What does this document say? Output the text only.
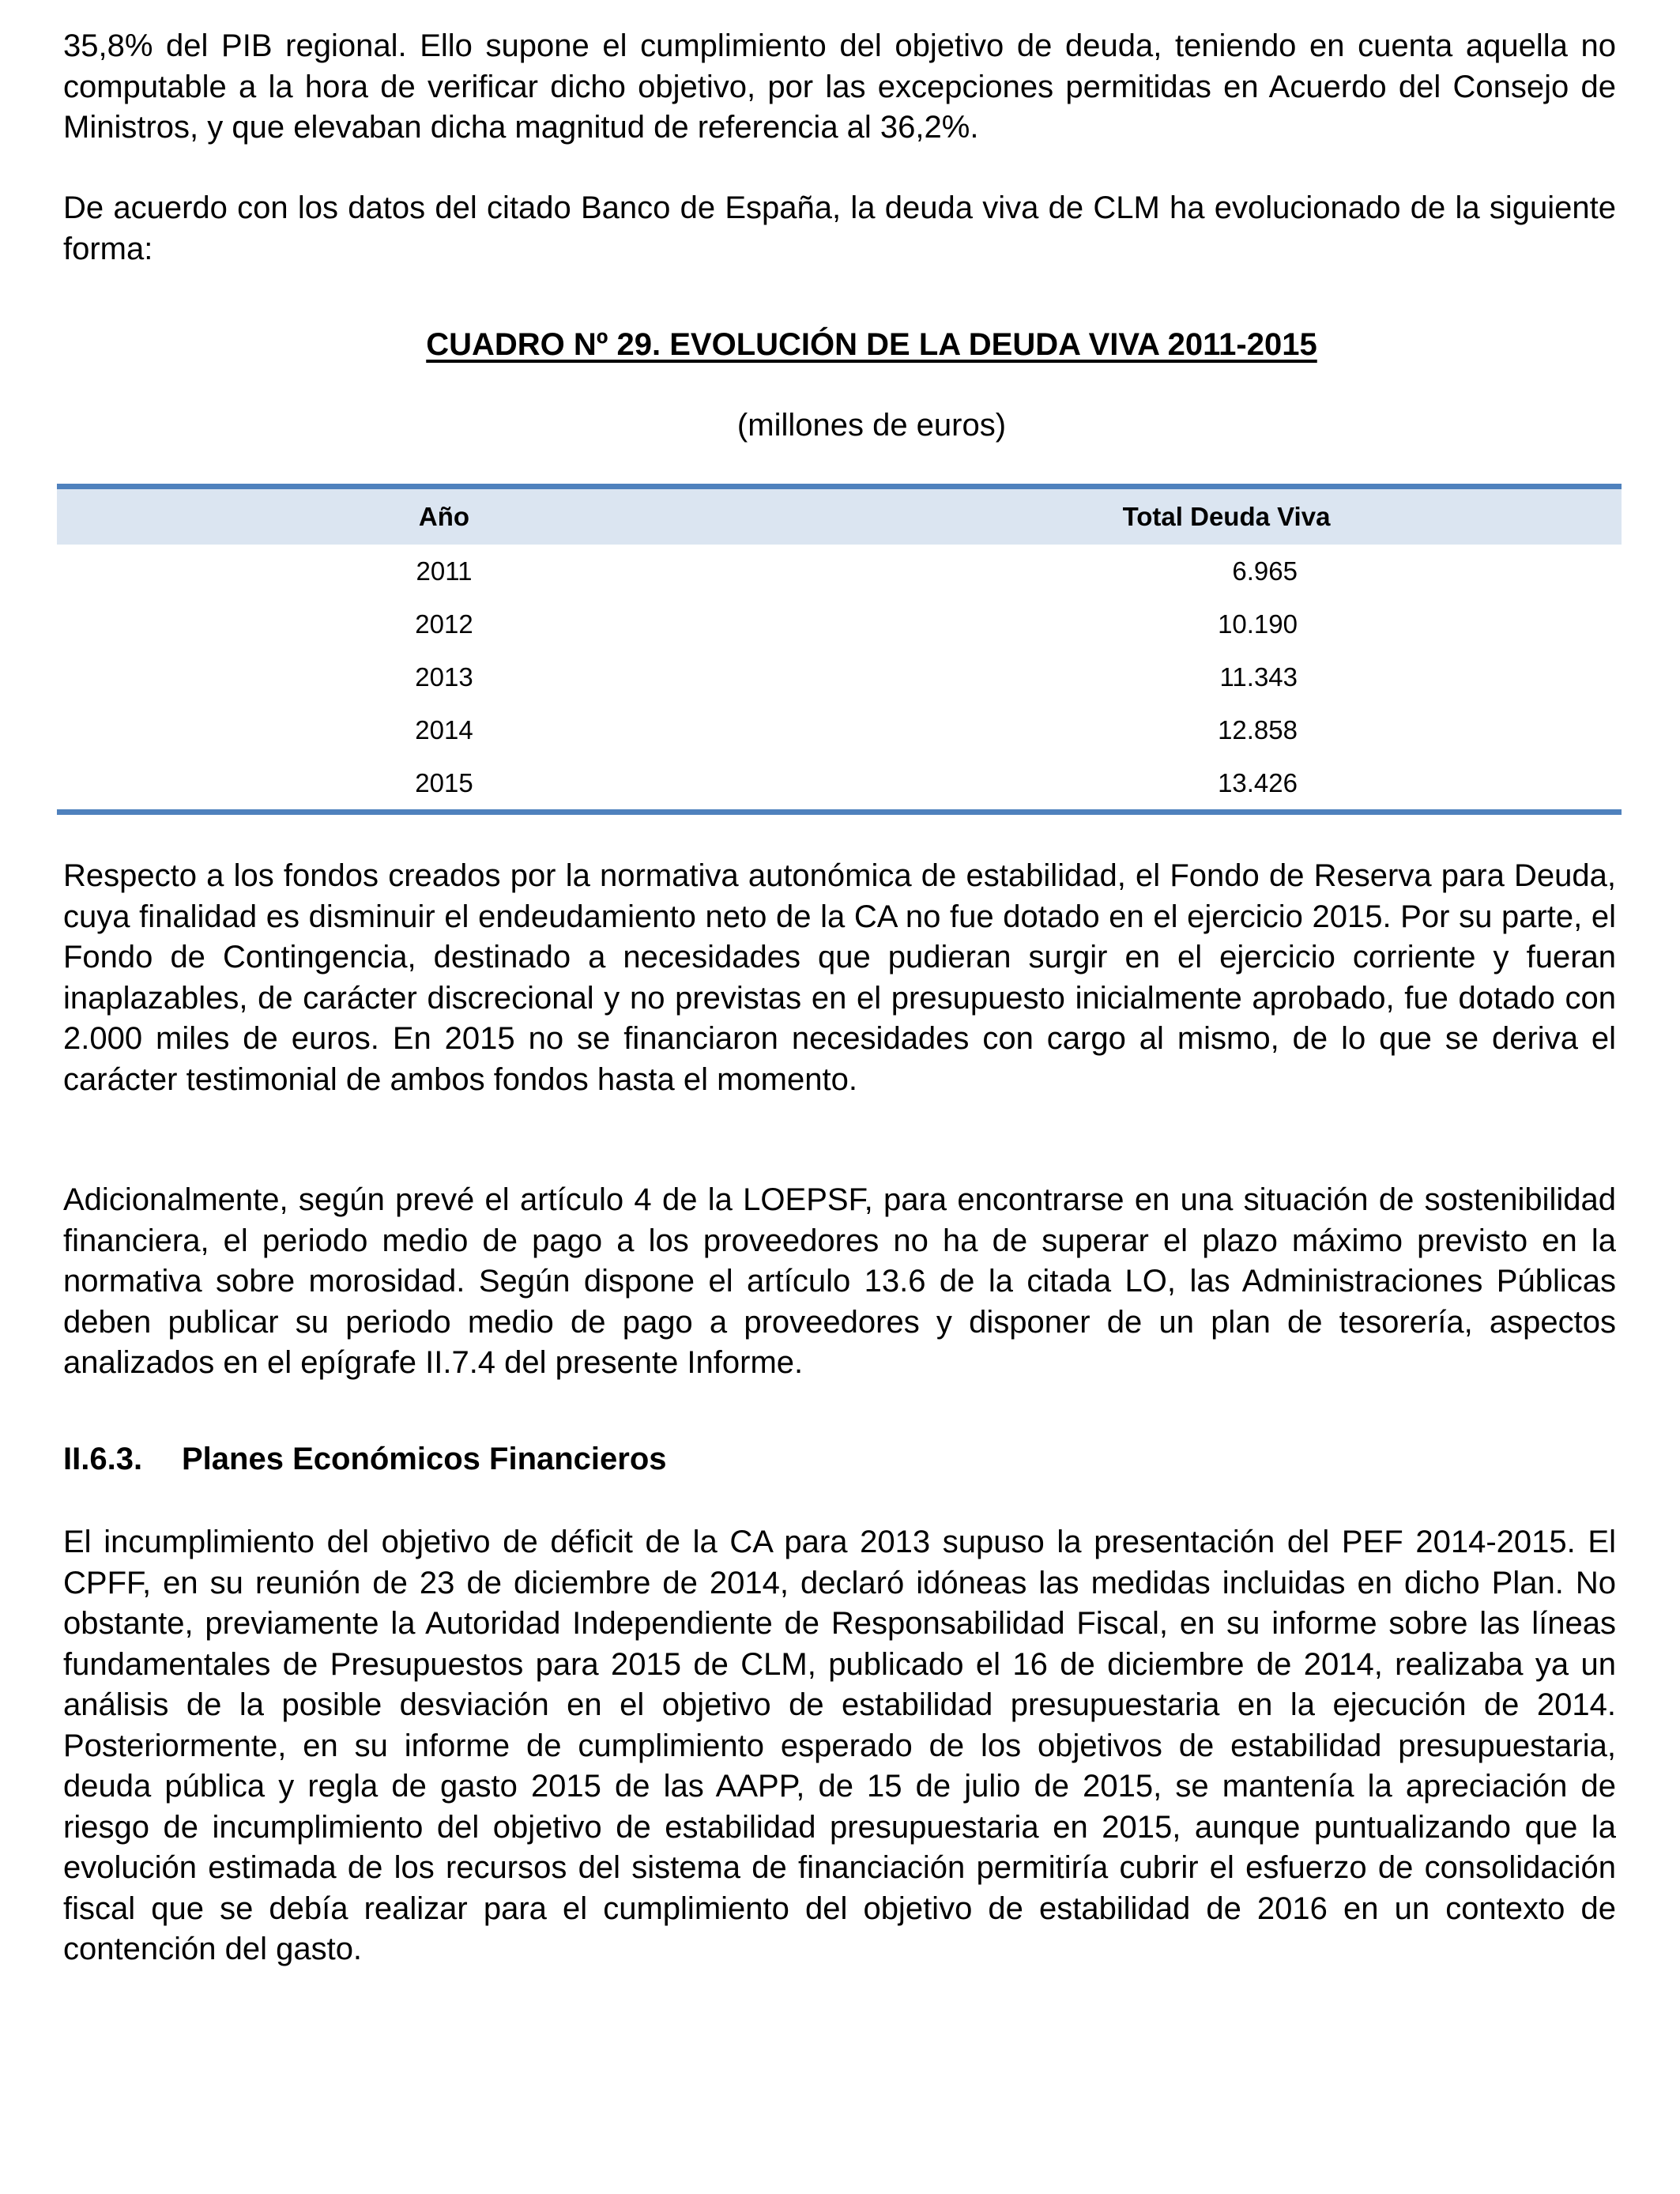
35,8% del PIB regional. Ello supone el cumplimiento del objetivo de deuda, teniendo en cuenta aquella no computable a la hora de verificar dicho objetivo, por las excepciones permitidas en Acuerdo del Consejo de Ministros, y que elevaban dicha magnitud de referencia al 36,2%.

De acuerdo con los datos del citado Banco de España, la deuda viva de CLM ha evolucionado de la siguiente forma:

CUADRO Nº 29. EVOLUCIÓN DE LA DEUDA VIVA 2011-2015
(millones de euros)
Año	Total Deuda Viva
2011	6.965
2012	10.190
2013	11.343
2014	12.858
2015	13.426

Respecto a los fondos creados por la normativa autonómica de estabilidad, el Fondo de Reserva para Deuda, cuya finalidad es disminuir el endeudamiento neto de la CA no fue dotado en el ejercicio 2015. Por su parte, el Fondo de Contingencia, destinado a necesidades que pudieran surgir en el ejercicio corriente y fueran inaplazables, de carácter discrecional y no previstas en el presupuesto inicialmente aprobado, fue dotado con 2.000 miles de euros. En 2015 no se financiaron necesidades con cargo al mismo, de lo que se deriva el carácter testimonial de ambos fondos hasta el momento.

Adicionalmente, según prevé el artículo 4 de la LOEPSF, para encontrarse en una situación de sostenibilidad financiera, el periodo medio de pago a los proveedores no ha de superar el plazo máximo previsto en la normativa sobre morosidad. Según dispone el artículo 13.6 de la citada LO, las Administraciones Públicas deben publicar su periodo medio de pago a proveedores y disponer de un plan de tesorería, aspectos analizados en el epígrafe II.7.4 del presente Informe.

II.6.3. Planes Económicos Financieros

El incumplimiento del objetivo de déficit de la CA para 2013 supuso la presentación del PEF 2014-2015. El CPFF, en su reunión de 23 de diciembre de 2014, declaró idóneas las medidas incluidas en dicho Plan. No obstante, previamente la Autoridad Independiente de Responsabilidad Fiscal, en su informe sobre las líneas fundamentales de Presupuestos para 2015 de CLM, publicado el 16 de diciembre de 2014, realizaba ya un análisis de la posible desviación en el objetivo de estabilidad presupuestaria en la ejecución de 2014. Posteriormente, en su informe de cumplimiento esperado de los objetivos de estabilidad presupuestaria, deuda pública y regla de gasto 2015 de las AAPP, de 15 de julio de 2015, se mantenía la apreciación de riesgo de incumplimiento del objetivo de estabilidad presupuestaria en 2015, aunque puntualizando que la evolución estimada de los recursos del sistema de financiación permitiría cubrir el esfuerzo de consolidación fiscal que se debía realizar para el cumplimiento del objetivo de estabilidad de 2016 en un contexto de contención del gasto.
